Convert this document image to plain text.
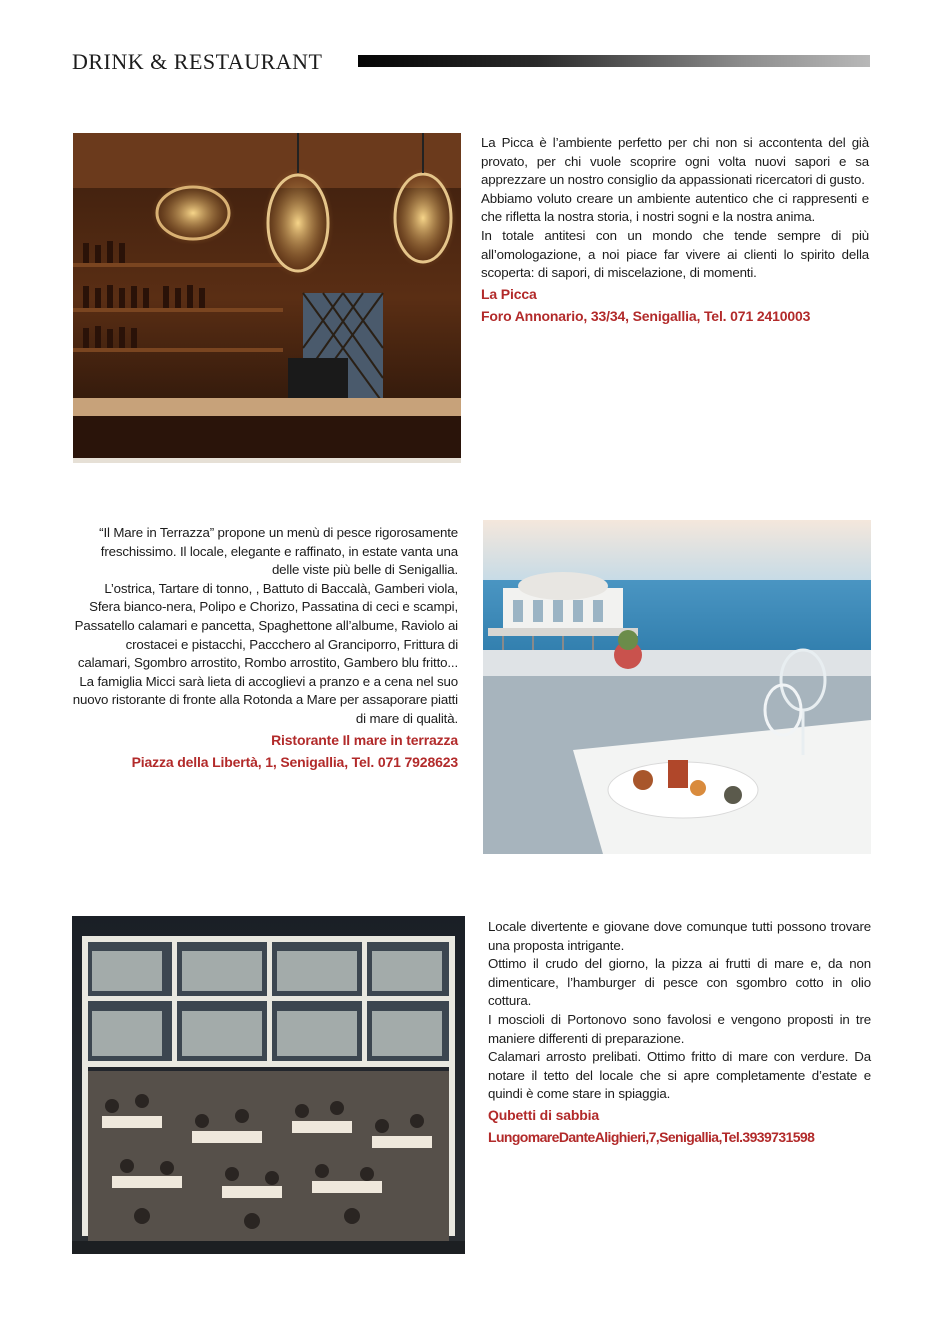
DRINK & RESTAURANT

La Picca è l’ambiente perfetto per chi non si accontenta del già provato, per chi vuole scoprire ogni volta nuovi sapori e sa apprezzare un nostro consiglio da appassionati ricercatori di gusto.

Abbiamo voluto creare un ambiente autentico che ci rappresenti e che rifletta la nostra storia, i nostri sogni e la nostra anima.

In totale antitesi con un mondo che tende sempre di più all’omologazione, a noi piace far vivere ai clienti lo spirito della scoperta: di sapori, di miscelazione, di momenti.

La Picca
Foro Annonario, 33/34, Senigallia, Tel. 071 2410003

“Il Mare in Terrazza” propone un menù di pesce rigorosamente freschissimo. Il locale, elegante e raffinato, in estate vanta una delle viste più belle di Senigallia.

L’ostrica, Tartare di tonno, , Battuto di Baccalà, Gamberi viola, Sfera bianco-nera, Polipo e Chorizo, Passatina di ceci e scampi, Passatello calamari e pancetta, Spaghettone all’albume, Raviolo ai crostacei e pistacchi, Paccchero al Granciporro, Frittura di calamari, Sgombro arrostito, Rombo arrostito, Gambero blu fritto...

La famiglia Micci sarà lieta di accoglievi a pranzo e a cena nel suo nuovo ristorante di fronte alla Rotonda a Mare per assaporare piatti di mare di qualità.

Ristorante Il mare in terrazza
Piazza della Libertà, 1, Senigallia, Tel. 071 7928623

Locale divertente e giovane dove comunque tutti possono trovare una proposta intrigante.

Ottimo il crudo del giorno, la pizza ai frutti di mare e, da non dimenticare, l’hamburger di pesce con sgombro cotto in olio cottura.

I moscioli di Portonovo sono favolosi e vengono proposti in tre maniere differenti di preparazione.

Calamari arrosto prelibati. Ottimo fritto di mare con verdure. Da notare il tetto del locale che si apre completamente d’estate e quindi è come stare in spiaggia.

Qubetti di sabbia
LungomareDanteAlighieri,7,Senigallia,Tel.3939731598
